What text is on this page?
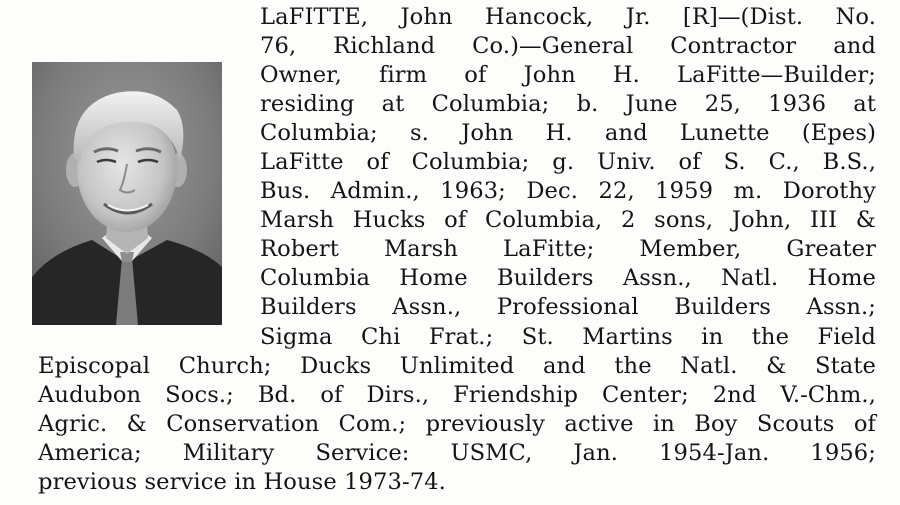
LaFITTE, John Hancock, Jr. [R]—(Dist. No.
76, Richland Co.)—General Contractor and
Owner, firm of John H. LaFitte—Builder;
residing at Columbia; b. June 25, 1936 at
Columbia; s. John H. and Lunette (Epes)
LaFitte of Columbia; g. Univ. of S. C., B.S.,
Bus. Admin., 1963; Dec. 22, 1959 m. Dorothy
Marsh Hucks of Columbia, 2 sons, John, III &
Robert Marsh LaFitte; Member, Greater
Columbia Home Builders Assn., Natl. Home
Builders Assn., Professional Builders Assn.;
Sigma Chi Frat.; St. Martins in the Field
Episcopal Church; Ducks Unlimited and the Natl. & State
Audubon Socs.; Bd. of Dirs., Friendship Center; 2nd V.-Chm.,
Agric. & Conservation Com.; previously active in Boy Scouts of
America; Military Service: USMC, Jan. 1954-Jan. 1956;
previous service in House 1973-74.
